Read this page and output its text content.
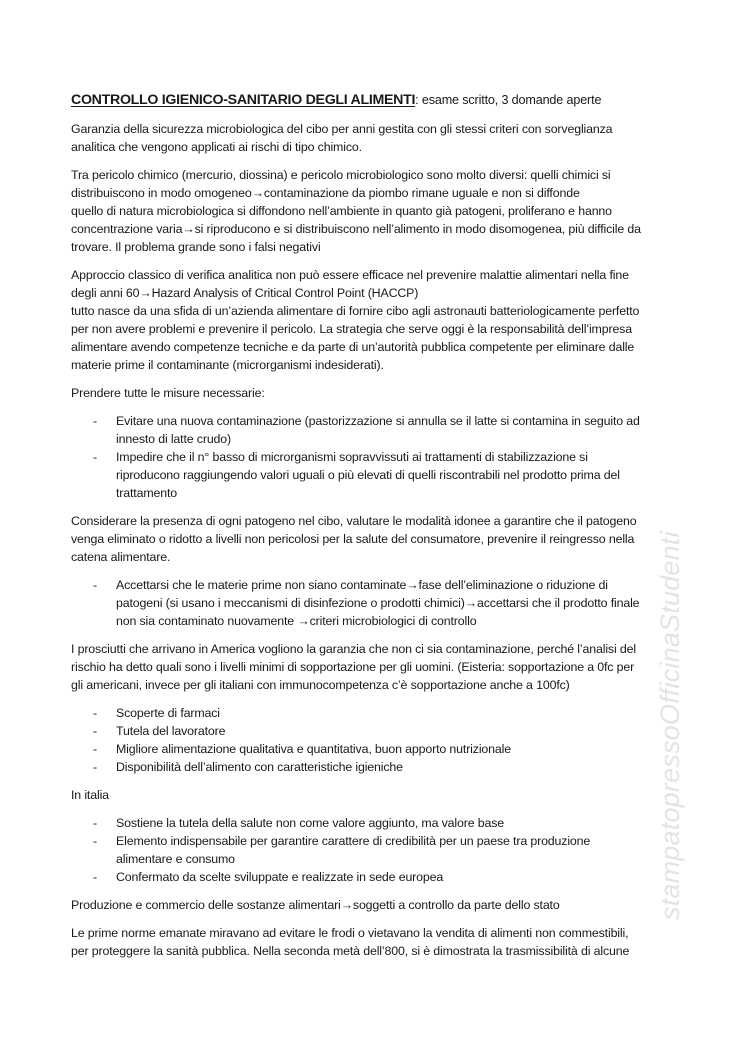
CONTROLLO IGIENICO-SANITARIO DEGLI ALIMENTI: esame scritto, 3 domande aperte

Garanzia della sicurezza microbiologica del cibo per anni gestita con gli stessi criteri con sorveglianza
analitica che vengono applicati ai rischi di tipo chimico.

Tra pericolo chimico (mercurio, diossina) e pericolo microbiologico sono molto diversi: quelli chimici si
distribuiscono in modo omogeneo→contaminazione da piombo rimane uguale e non si diffonde
quello di natura microbiologica si diffondono nell’ambiente in quanto già patogeni, proliferano e hanno
concentrazione varia→si riproducono e si distribuiscono nell’alimento in modo disomogenea, più difficile da
trovare. Il problema grande sono i falsi negativi

Approccio classico di verifica analitica non può essere efficace nel prevenire malattie alimentari nella fine
degli anni 60→Hazard Analysis of Critical Control Point (HACCP)
tutto nasce da una sfida di un’azienda alimentare di fornire cibo agli astronauti batteriologicamente perfetto
per non avere problemi e prevenire il pericolo. La strategia che serve oggi è la responsabilità dell’impresa
alimentare avendo competenze tecniche e da parte di un’autorità pubblica competente per eliminare dalle
materie prime il contaminante (microrganismi indesiderati).

Prendere tutte le misure necessarie:

- Evitare una nuova contaminazione (pastorizzazione si annulla se il latte si contamina in seguito ad
innesto di latte crudo)
- Impedire che il n° basso di microrganismi sopravvissuti ai trattamenti di stabilizzazione si
riproducono raggiungendo valori uguali o più elevati di quelli riscontrabili nel prodotto prima del
trattamento

Considerare la presenza di ogni patogeno nel cibo, valutare le modalità idonee a garantire che il patogeno
venga eliminato o ridotto a livelli non pericolosi per la salute del consumatore, prevenire il reingresso nella
catena alimentare.

- Accettarsi che le materie prime non siano contaminate→fase dell’eliminazione o riduzione di
patogeni (si usano i meccanismi di disinfezione o prodotti chimici)→accettarsi che il prodotto finale
non sia contaminato nuovamente →criteri microbiologici di controllo

I prosciutti che arrivano in America vogliono la garanzia che non ci sia contaminazione, perché l’analisi del
rischio ha detto quali sono i livelli minimi di sopportazione per gli uomini. (Eisteria: sopportazione a 0fc per
gli americani, invece per gli italiani con immunocompetenza c’è sopportazione anche a 100fc)

- Scoperte di farmaci
- Tutela del lavoratore
- Migliore alimentazione qualitativa e quantitativa, buon apporto nutrizionale
- Disponibilità dell’alimento con caratteristiche igieniche

In italia

- Sostiene la tutela della salute non come valore aggiunto, ma valore base
- Elemento indispensabile per garantire carattere di credibilità per un paese tra produzione
alimentare e consumo
- Confermato da scelte sviluppate e realizzate in sede europea

Produzione e commercio delle sostanze alimentari→soggetti a controllo da parte dello stato

Le prime norme emanate miravano ad evitare le frodi o vietavano la vendita di alimenti non commestibili,
per proteggere la sanità pubblica. Nella seconda metà dell’800, si è dimostrata la trasmissibilità di alcune

stampatopressoOfficinaStudenti
